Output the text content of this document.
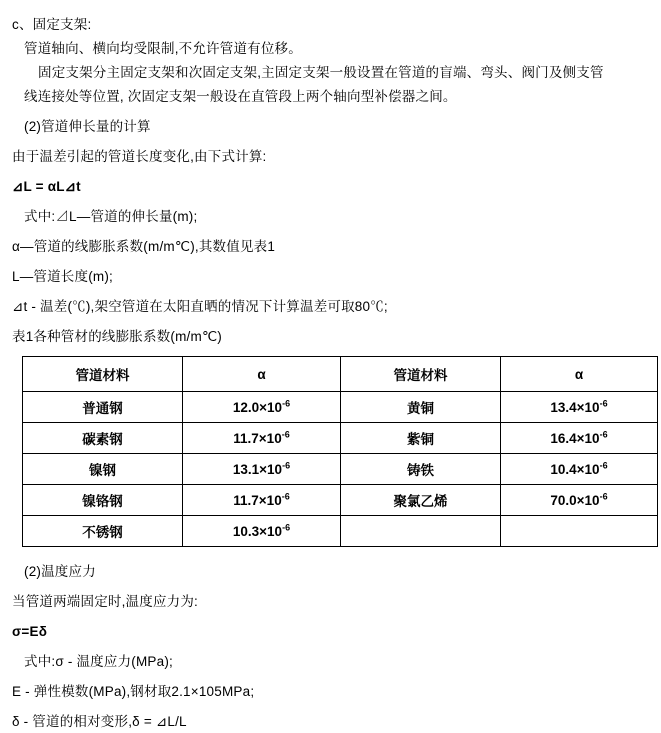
c、固定支架:

管道轴向、横向均受限制,不允许管道有位移。

固定支架分主固定支架和次固定支架,主固定支架一般设置在管道的盲端、弯头、阀门及侧支管

线连接处等位置, 次固定支架一般设在直管段上两个轴向型补偿器之间。

(2)管道伸长量的计算

由于温差引起的管道长度变化,由下式计算:

⊿L = αL⊿t

式中:⊿L—管道的伸长量(m);

α—管道的线膨胀系数(m/m℃),其数值见表1

L—管道长度(m);

⊿t - 温差(℃),架空管道在太阳直晒的情况下计算温差可取80℃;

表1各种管材的线膨胀系数(m/m℃)

管道材料	α	管道材料	α
普通钢	$12.0\times 10^{-6}$	黄铜	$13.4\times 10^{-6}$
碳素钢	$11.7\times 10^{-6}$	紫铜	$16.4\times 10^{-6}$
镍钢	$13.1\times 10^{-6}$	铸铁	$10.4\times 10^{-6}$
镍铬钢	$11.7\times 10^{-6}$	聚氯乙烯	$70.0\times 10^{-6}$
不锈钢	$10.3\times 10^{-6}$		

(2)温度应力

当管道两端固定时,温度应力为:

σ=Eδ

式中:σ - 温度应力(MPa);

E - 弹性模数(MPa),钢材取2.1×105MPa;

δ - 管道的相对变形,δ = ⊿L/L
